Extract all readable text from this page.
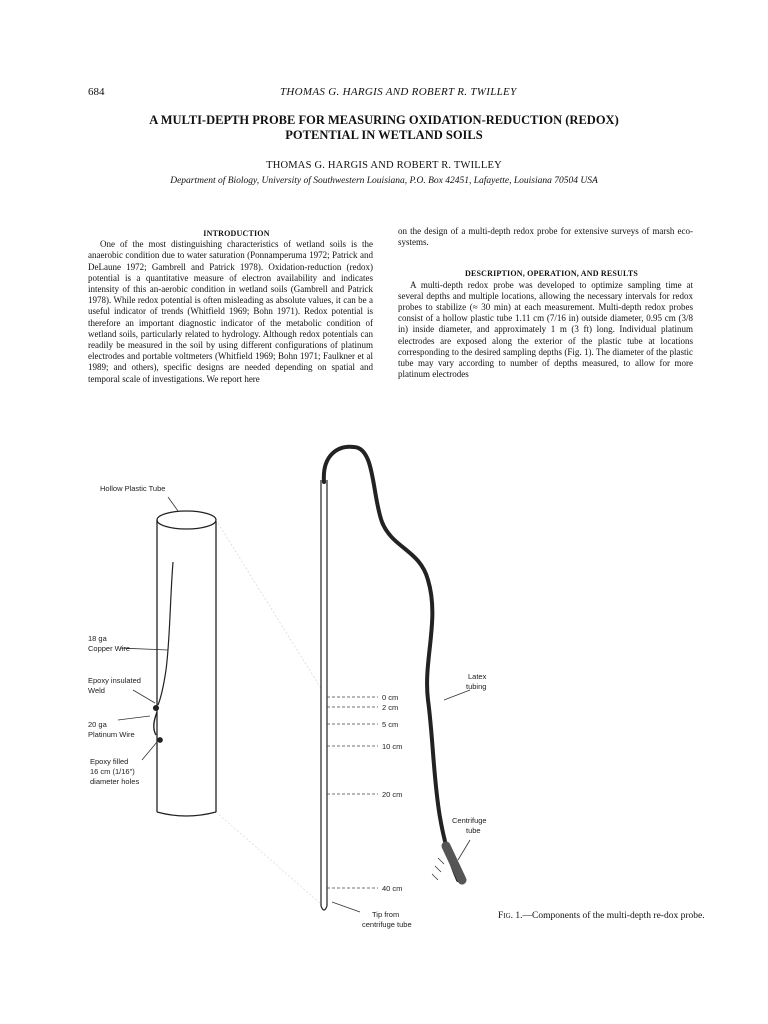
684	THOMAS G. HARGIS AND ROBERT R. TWILLEY
A MULTI-DEPTH PROBE FOR MEASURING OXIDATION-REDUCTION (REDOX)
POTENTIAL IN WETLAND SOILS
THOMAS G. HARGIS AND ROBERT R. TWILLEY
Department of Biology, University of Southwestern Louisiana, P.O. Box 42451, Lafayette, Louisiana 70504 USA

INTRODUCTION

One of the most distinguishing characteristics of wetland soils is the anaerobic condition due to water saturation (Ponnamperuma 1972; Patrick and DeLaune 1972; Gambrell and Patrick 1978). Oxidation-reduction (redox) potential is a quantitative measure of electron availability and indicates intensity of this an-aerobic condition in wetland soils (Gambrell and Patrick 1978). While redox potential is often misleading as absolute values, it can be a useful indicator of trends (Whitfield 1969; Bohn 1971). Redox potential is therefore an important diagnostic indicator of the metabolic condition of wetland soils, particularly related to hydrology. Although redox potentials can readily be measured in the soil by using different configurations of platinum electrodes and portable voltmeters (Whitfield 1969; Bohn 1971; Faulkner et al 1989; and others), specific designs are needed depending on spatial and temporal scale of investigations. We report here

on the design of a multi-depth redox probe for extensive surveys of marsh eco-systems.

DESCRIPTION, OPERATION, AND RESULTS

A multi-depth redox probe was developed to optimize sampling time at several depths and multiple locations, allowing the necessary intervals for redox probes to stabilize (≈ 30 min) at each measurement. Multi-depth redox probes consist of a hollow plastic tube 1.11 cm (7/16 in) outside diameter, 0.95 cm (3/8 in) inside diameter, and approximately 1 m (3 ft) long. Individual platinum electrodes are exposed along the exterior of the plastic tube at locations corresponding to the desired sampling depths (Fig. 1). The diameter of the plastic tube may vary according to number of depths measured, to allow for more platinum electrodes

Hollow Plastic Tube
18 ga
Copper Wire
Epoxy insulated
Weld
20 ga
Platinum Wire
Epoxy filled
16 cm (1/16")
diameter holes
Latex
tubing
0 cm
2 cm
5 cm
10 cm
20 cm
40 cm
Centrifuge
tube
Tip from
centrifuge tube
Fig. 1.—Components of the multi-depth re-dox probe.
